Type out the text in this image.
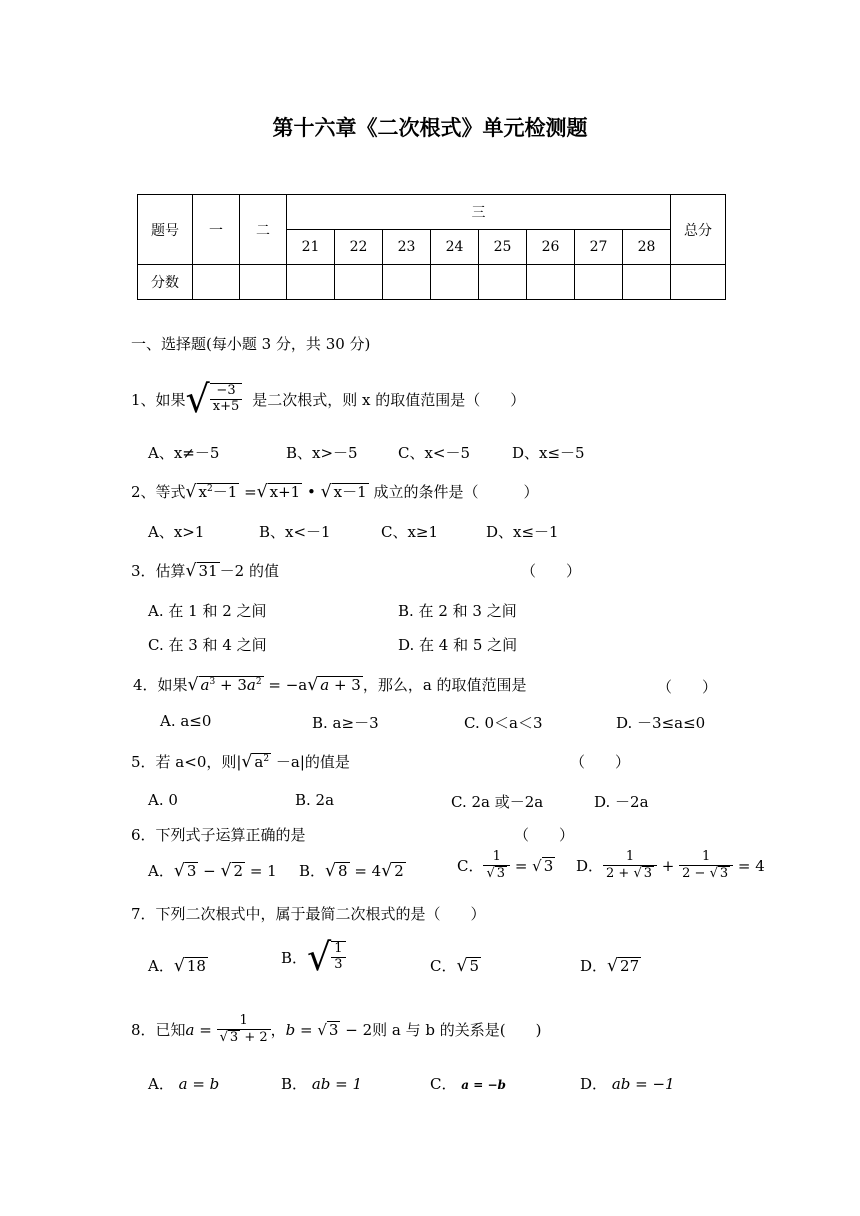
第十六章《二次根式》单元检测题
题号	一	二	三								总分
			21	22	23	24	25	26	27	28	
分数											
一、选择题(每小题 3 分，共 30 分)
1、如果 √ $\frac{-3}{x+5}$ 是二次根式，则 x 的取值范围是（　　）
A、x≠－5	B、x>－5	C、x<－5	D、x≤－5
2、等式√ $x^2-1$ =√ x+1 • √ x－1 成立的条件是（　　　）
A、x>1	B、x<－1	C、x≥1	D、x≤－1
3．估算√ 31 －2 的值	（　　）
A. 在 1 和 2 之间	B. 在 2 和 3 之间
C. 在 3 和 4 之间	D. 在 4 和 5 之间
4．如果√ $a^3 + 3a^2 = -a√$ a + 3 ，那么，a 的取值范围是	（　　）
A. a≤0	B. a≥－3	C. 0＜a＜3	D. －3≤a≤0
5．若 a<0，则|√ $a^2 -a|$的值是	（　　）
A. 0	B. 2a	C. 2a 或－2a	D. －2a
6．下列式子运算正确的是	（　　）
A．√ 3 − √ 2 = 1 B．√ 8 = 4√ 2	C． $\frac{1}{√ 3}$ = √ 3 D． $\frac{1}{2 + √ 3} + \frac{1}{2 - √ 3} = 4$
7．下列二次根式中，属于最简二次根式的是（　　）
A．√ 18	B． √ $\frac{1}{3}$	C．√ 5	D．√ 27
8．已知 $a = \frac{1}{√ 3 + 2}$ ， b = √ 3 − 2 则 a 与 b 的关系是(　　)
A． a = b	B． ab = 1	C． a = −b	D． ab = −1
